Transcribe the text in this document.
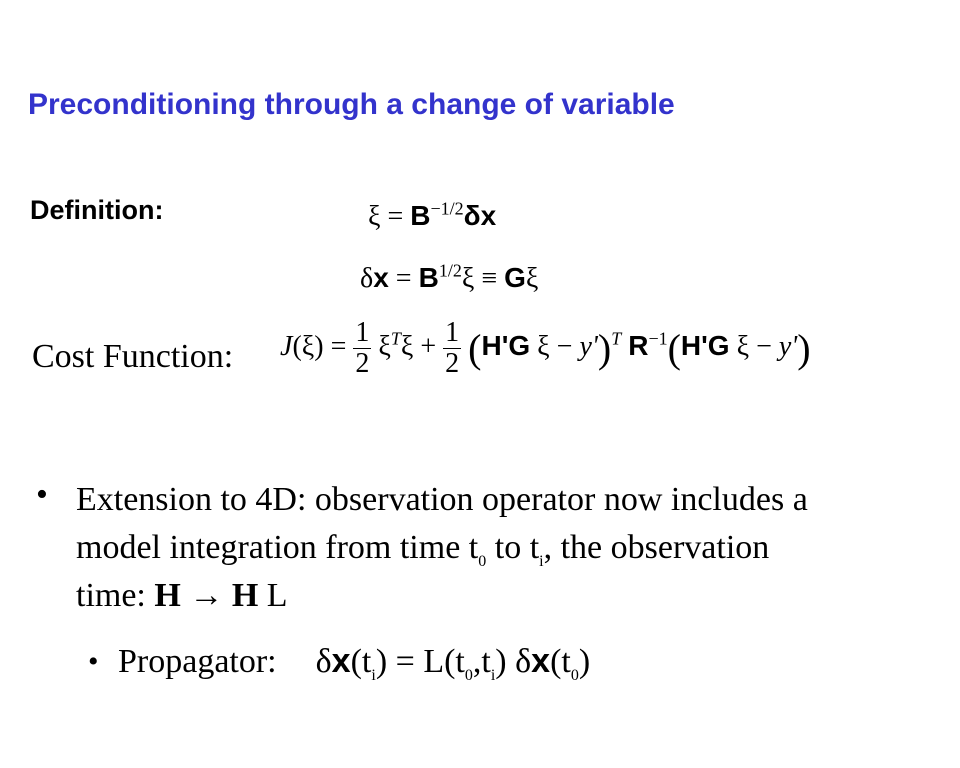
Preconditioning through a change of variable
Definition:	$\xi = B^{-1/2}\delta x$
$\delta x = B^{1/2}\xi \equiv G\xi$
Cost Function: $J(\xi) = \frac{1}{2} \xi^T\xi + \frac{1}{2} (H'G$ ξ − y')$^T$ $R^{-1}(H'G$ ξ − y')
• Extension to 4D: observation operator now includes a
model integration from time $t_0$ to $t_i$, the observation
time: H → H L
• Propagator: $\delta x(t_i) = L(t_0,t_i)$ $\delta x(t_0)$
